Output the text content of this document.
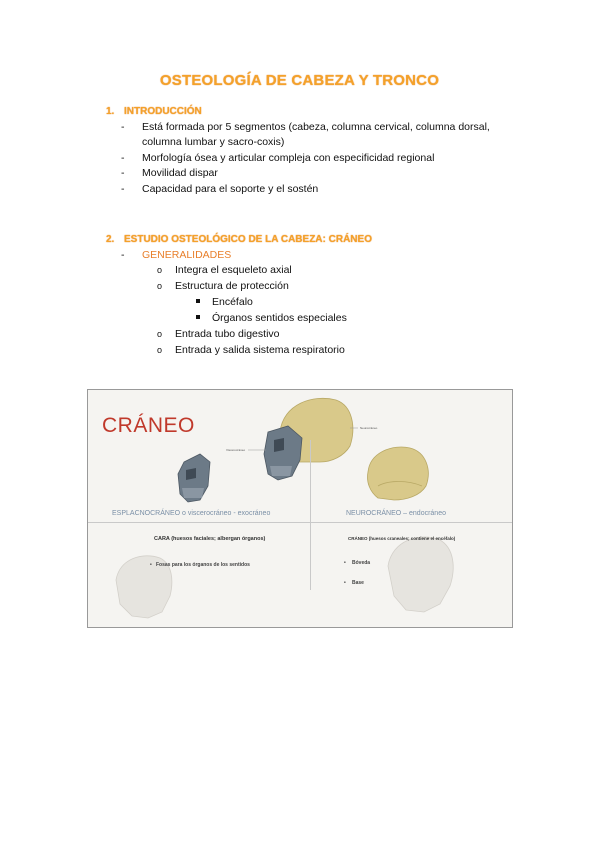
OSTEOLOGÍA DE CABEZA Y TRONCO
1. INTRODUCCIÓN
- Está formada por 5 segmentos (cabeza, columna cervical, columna dorsal,
columna lumbar y sacro-coxis)
- Morfología ósea y articular compleja con especificidad regional
- Movilidad dispar
- Capacidad para el soporte y el sostén
2. ESTUDIO OSTEOLÓGICO DE LA CABEZA: CRÁNEO
- GENERALIDADES
o Integra el esqueleto axial
o Estructura de protección
Encéfalo
Órganos sentidos especiales
o Entrada tubo digestivo
o Entrada y salida sistema respiratorio
CRÁNEO
Viscerocráneo
Neurocráneo
ESPLACNOCRÁNEO o viscerocráneo - exocráneo	NEUROCRÁNEO – endocráneo
CARA (huesos faciales; albergan órganos)
• Fosas para los órganos de los sentidos
CRÁNEO (huesos craneales; contiene el encéfalo)
• Bóveda
• Base
